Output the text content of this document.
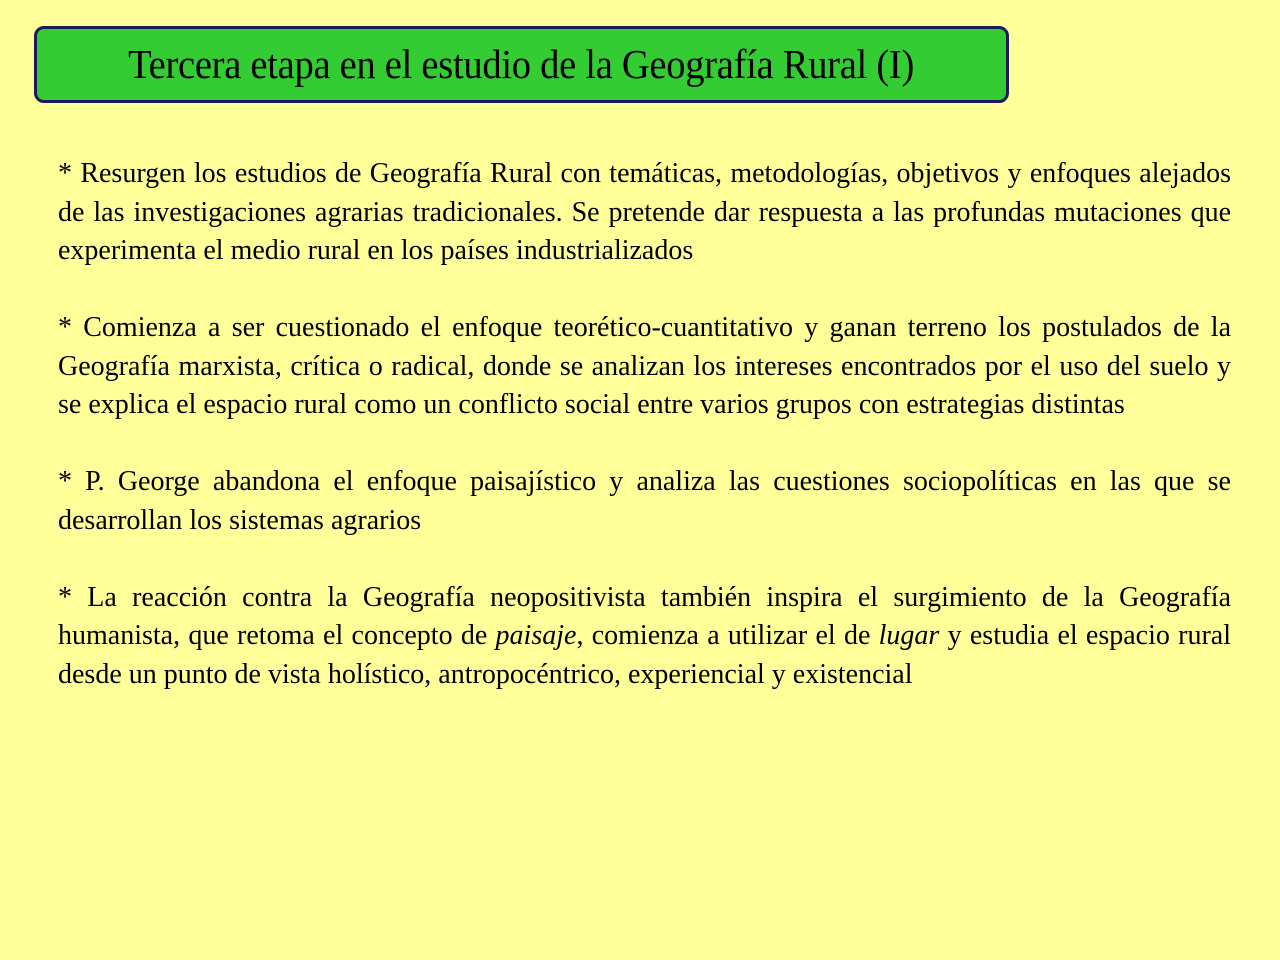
Tercera etapa en el estudio de la Geografía Rural (I)

* Resurgen los estudios de Geografía Rural con temáticas, metodologías, objetivos y enfoques alejados de las investigaciones agrarias tradicionales. Se pretende dar respuesta a las profundas mutaciones que experimenta el medio rural en los países industrializados

* Comienza a ser cuestionado el enfoque teorético-cuantitativo y ganan terreno los postulados de la Geografía marxista, crítica o radical, donde se analizan los intereses encontrados por el uso del suelo y se explica el espacio rural como un conflicto social entre varios grupos con estrategias distintas

* P. George abandona el enfoque paisajístico y analiza las cuestiones sociopolíticas en las que se desarrollan los sistemas agrarios

* La reacción contra la Geografía neopositivista también inspira el surgimiento de la Geografía humanista, que retoma el concepto de paisaje, comienza a utilizar el de lugar y estudia el espacio rural desde un punto de vista holístico, antropocéntrico, experiencial y existencial
